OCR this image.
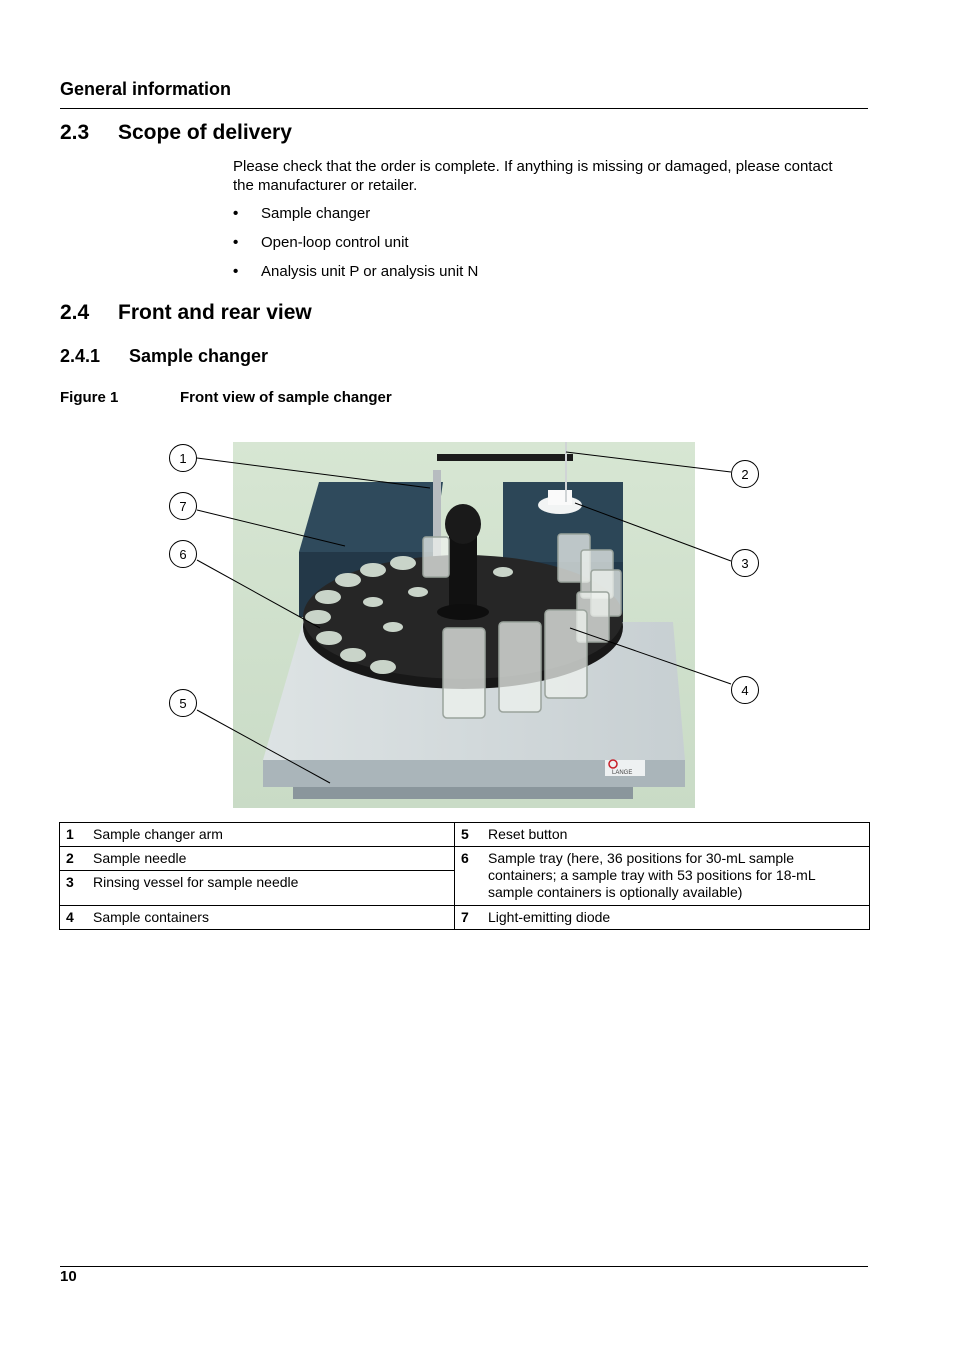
General information
2.3 Scope of delivery
Please check that the order is complete. If anything is missing or damaged, please contact
the manufacturer or retailer.
• Sample changer
• Open-loop control unit
• Analysis unit P or analysis unit N
2.4 Front and rear view
2.4.1 Sample changer
Figure 1	Front view of sample changer
LANGE
1
2
3
4
5
6
7
1	Sample changer arm	5	Reset button
2	Sample needle	6	Sample tray (here, 36 positions for 30-mL sample
containers; a sample tray with 53 positions for 18-mL
sample containers is optionally available)

3	Rinsing vessel for sample needle		
4	Sample containers	7	Light-emitting diode
10
